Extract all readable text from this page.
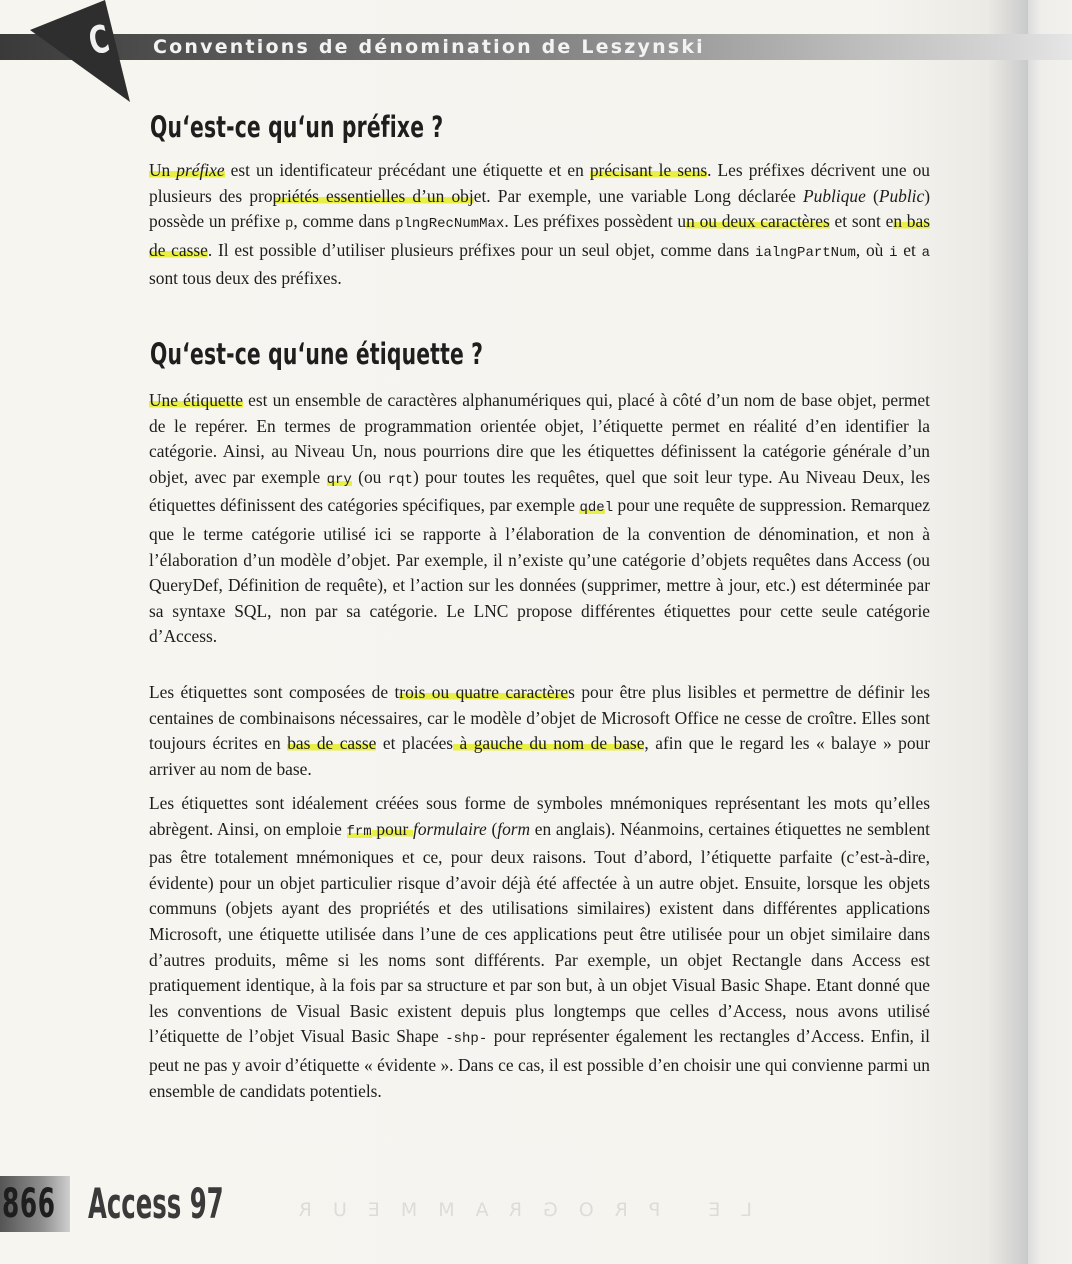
C Conventions de dénomination de Leszynski
Qu‘est-ce qu‘un préfixe ?
Un préfixe est un identificateur précédant une étiquette et en précisant le sens. Les préfixes décrivent une ou plusieurs des propriétés essentielles d’un objet. Par exemple, une variable Long déclarée Publique (Public) possède un préfixe p, comme dans plngRecNumMax. Les préfixes possèdent un ou deux caractères et sont en bas de casse. Il est possible d’utiliser plusieurs préfixes pour un seul objet, comme dans ialngPartNum, où i et a sont tous deux des préfixes.
Qu‘est-ce qu‘une étiquette ?
Une étiquette est un ensemble de caractères alphanumériques qui, placé à côté d’un nom de base objet, permet de le repérer. En termes de programmation orientée objet, l’étiquette permet en réalité d’en identifier la catégorie. Ainsi, au Niveau Un, nous pourrions dire que les étiquettes définissent la catégorie générale d’un objet, avec par exemple qry (ou rqt) pour toutes les requêtes, quel que soit leur type. Au Niveau Deux, les étiquettes définissent des catégories spécifiques, par exemple qdel pour une requête de suppression. Remarquez que le terme catégorie utilisé ici se rapporte à l’élaboration de la convention de dénomination, et non à l’élaboration d’un modèle d’objet. Par exemple, il n’existe qu’une catégorie d’objets requêtes dans Access (ou QueryDef, Définition de requête), et l’action sur les données (supprimer, mettre à jour, etc.) est déterminée par sa syntaxe SQL, non par sa catégorie. Le LNC propose différentes étiquettes pour cette seule catégorie d’Access.
Les étiquettes sont composées de trois ou quatre caractères pour être plus lisibles et permettre de définir les centaines de combinaisons nécessaires, car le modèle d’objet de Microsoft Office ne cesse de croître. Elles sont toujours écrites en bas de casse et placées à gauche du nom de base, afin que le regard les « balaye » pour arriver au nom de base.
Les étiquettes sont idéalement créées sous forme de symboles mnémoniques représentant les mots qu’elles abrègent. Ainsi, on emploie frm pour formulaire (form en anglais). Néanmoins, certaines étiquettes ne semblent pas être totalement mnémoniques et ce, pour deux raisons. Tout d’abord, l’étiquette parfaite (c’est-à-dire, évidente) pour un objet particulier risque d’avoir déjà été affectée à un autre objet. Ensuite, lorsque les objets communs (objets ayant des propriétés et des utilisations similaires) existent dans différentes applications Microsoft, une étiquette utilisée dans l’une de ces applications peut être utilisée pour un objet similaire dans d’autres produits, même si les noms sont différents. Par exemple, un objet Rectangle dans Access est pratiquement identique, à la fois par sa structure et par son but, à un objet Visual Basic Shape. Etant donné que les conventions de Visual Basic existent depuis plus longtemps que celles d’Access, nous avons utilisé l’étiquette de l’objet Visual Basic Shape -shp- pour représenter également les rectangles d’Access. Enfin, il peut ne pas y avoir d’étiquette « évidente ». Dans ce cas, il est possible d’en choisir une qui convienne parmi un ensemble de candidats potentiels.
866 Access 97	LE PROGRAMMEUR
